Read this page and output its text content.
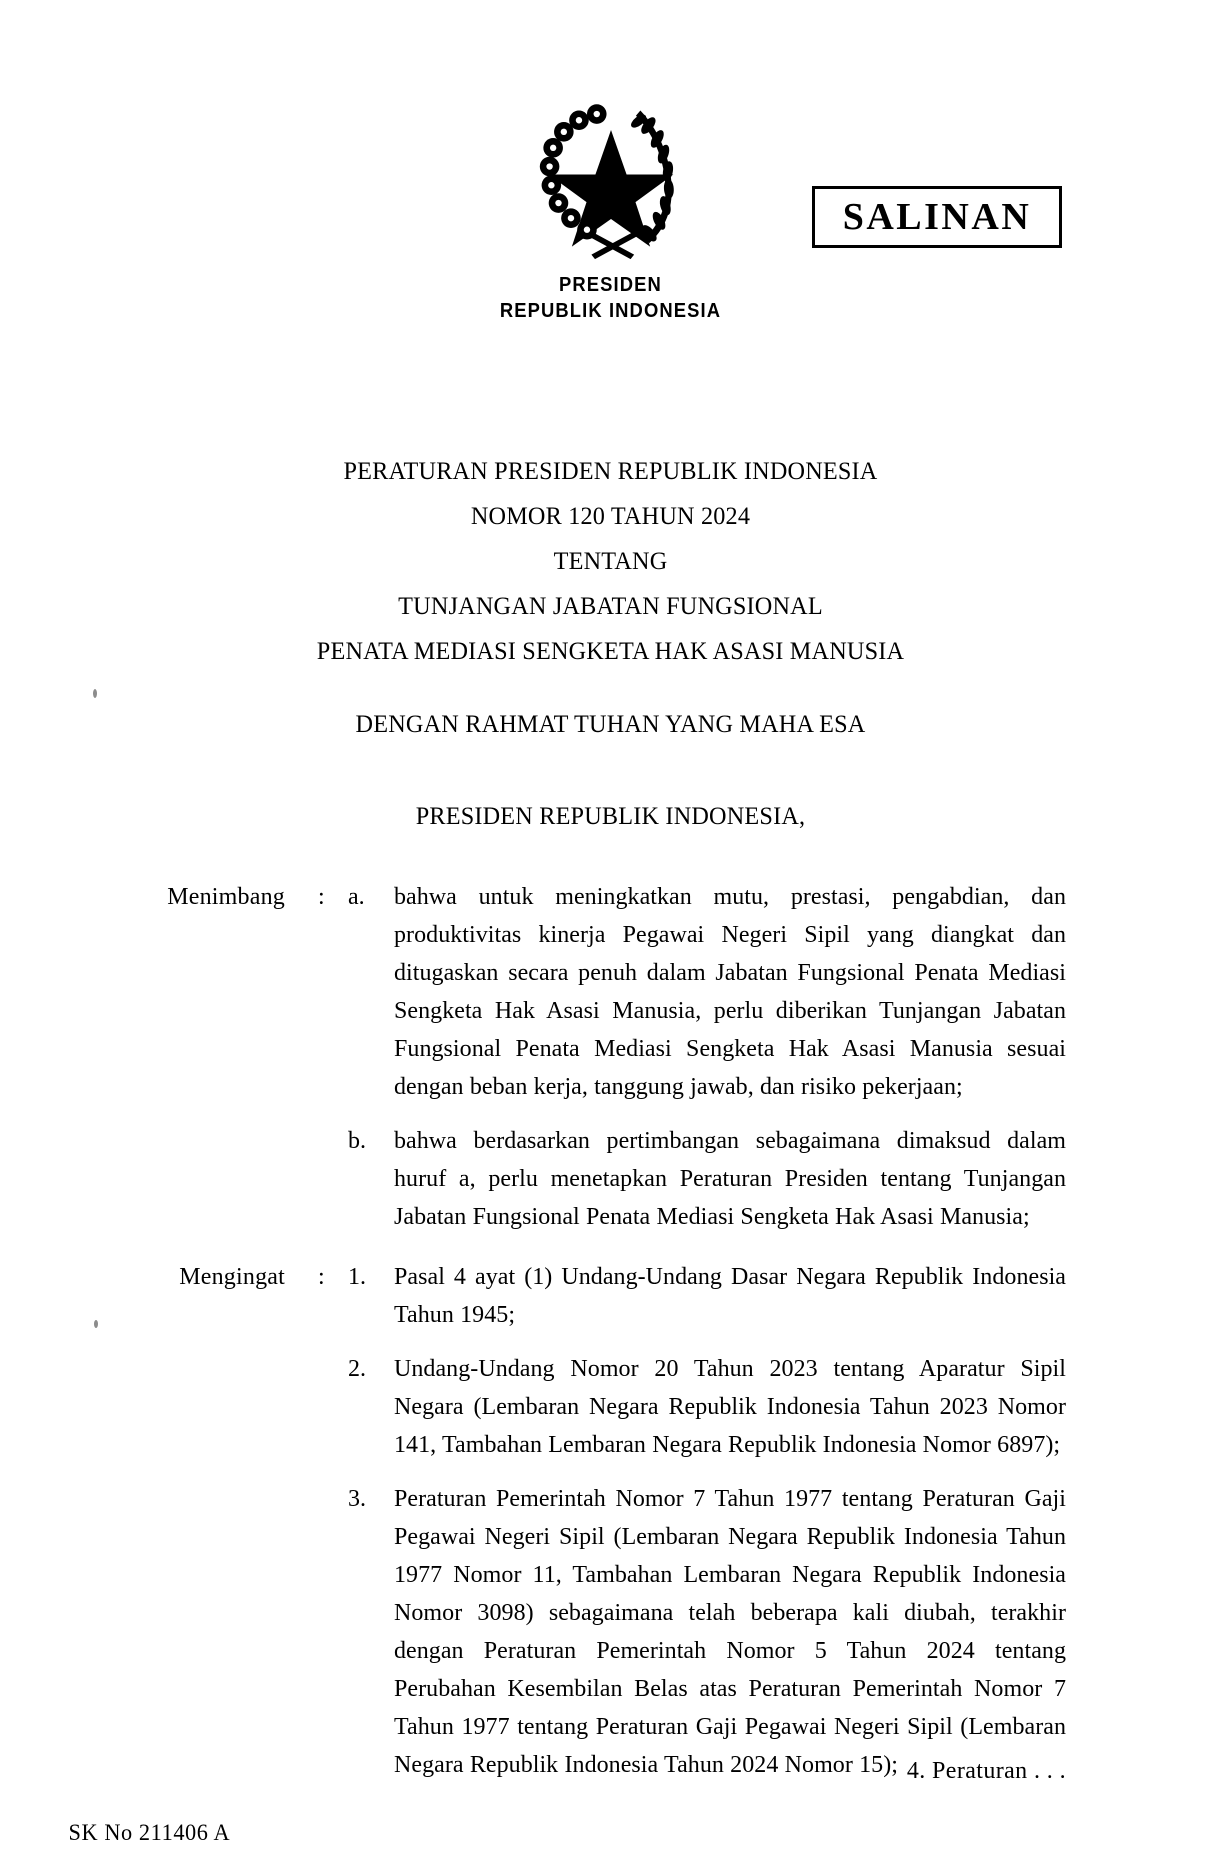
PRESIDEN
REPUBLIK INDONESIA
SALINAN
PERATURAN PRESIDEN REPUBLIK INDONESIA
NOMOR 120 TAHUN 2024
TENTANG
TUNJANGAN JABATAN FUNGSIONAL
PENATA MEDIASI SENGKETA HAK ASASI MANUSIA
DENGAN RAHMAT TUHAN YANG MAHA ESA
PRESIDEN REPUBLIK INDONESIA,
Menimbang : a.	bahwa untuk meningkatkan mutu, prestasi, pengabdian, dan produktivitas kinerja Pegawai Negeri Sipil yang diangkat dan ditugaskan secara penuh dalam Jabatan Fungsional Penata Mediasi Sengketa Hak Asasi Manusia, perlu diberikan Tunjangan Jabatan Fungsional Penata Mediasi Sengketa Hak Asasi Manusia sesuai dengan beban kerja, tanggung jawab, dan risiko pekerjaan;

b.	bahwa berdasarkan pertimbangan sebagaimana dimaksud dalam huruf a, perlu menetapkan Peraturan Presiden tentang Tunjangan Jabatan Fungsional Penata Mediasi Sengketa Hak Asasi Manusia;

Mengingat : 1.	Pasal 4 ayat (1) Undang-Undang Dasar Negara Republik Indonesia Tahun 1945;

2.	Undang-Undang Nomor 20 Tahun 2023 tentang Aparatur Sipil Negara (Lembaran Negara Republik Indonesia Tahun 2023 Nomor 141, Tambahan Lembaran Negara Republik Indonesia Nomor 6897);

3.	Peraturan Pemerintah Nomor 7 Tahun 1977 tentang Peraturan Gaji Pegawai Negeri Sipil (Lembaran Negara Republik Indonesia Tahun 1977 Nomor 11, Tambahan Lembaran Negara Republik Indonesia Nomor 3098) sebagaimana telah beberapa kali diubah, terakhir dengan Peraturan Pemerintah Nomor 5 Tahun 2024 tentang Perubahan Kesembilan Belas atas Peraturan Pemerintah Nomor 7 Tahun 1977 tentang Peraturan Gaji Pegawai Negeri Sipil (Lembaran Negara Republik Indonesia Tahun 2024 Nomor 15); 4. Peraturan . . .
SK No 211406 A
